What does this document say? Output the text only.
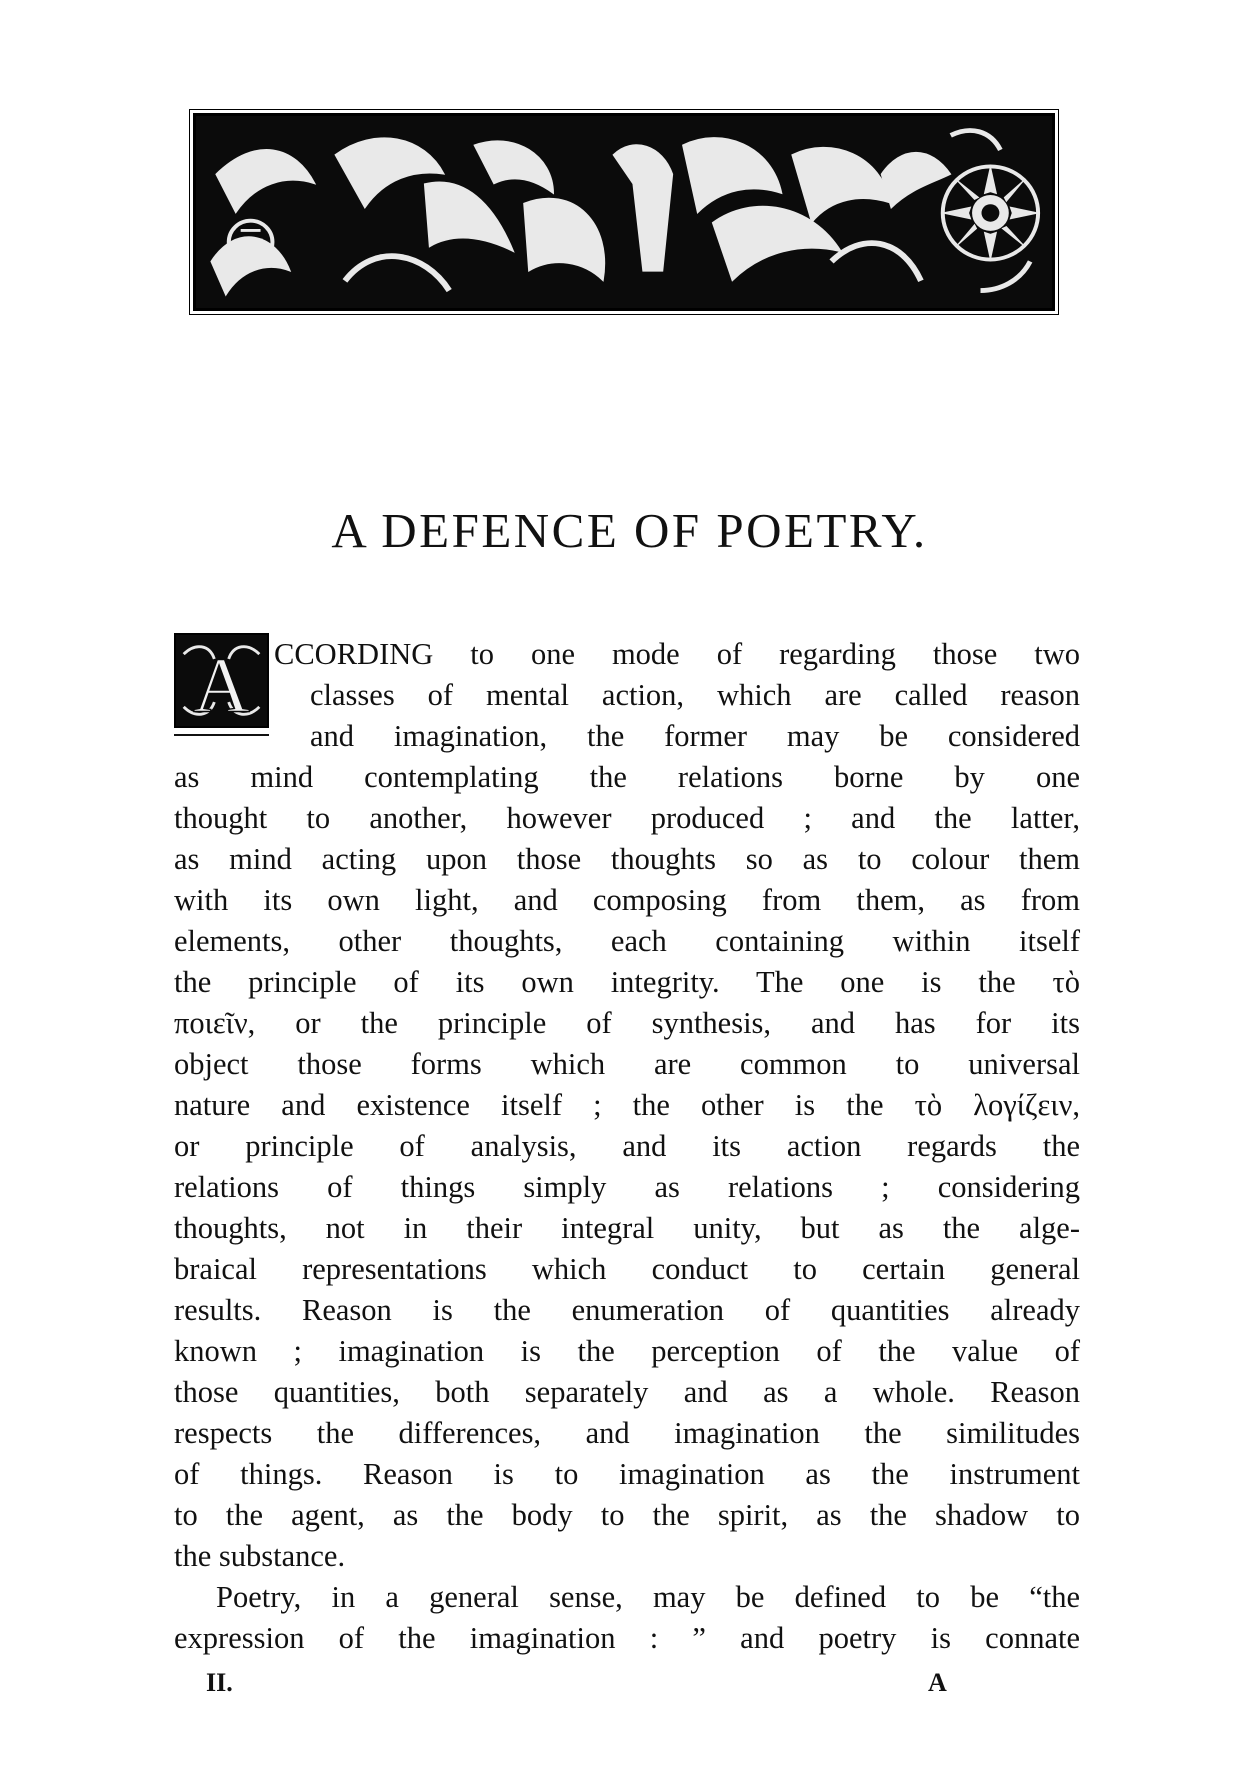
A DEFENCE OF POETRY.
A CCORDING to one mode of regarding those two
classes of mental action, which are called reason
and imagination, the former may be considered
as mind contemplating the relations borne by one
thought to another, however produced ; and the latter,
as mind acting upon those thoughts so as to colour them
with its own light, and composing from them, as from
elements, other thoughts, each containing within itself
the principle of its own integrity. The one is the τὸ
ποιεῖν, or the principle of synthesis, and has for its
object those forms which are common to universal
nature and existence itself ; the other is the τὸ λογίζειν,
or principle of analysis, and its action regards the
relations of things simply as relations ; considering
thoughts, not in their integral unity, but as the alge-
braical representations which conduct to certain general
results. Reason is the enumeration of quantities already
known ; imagination is the perception of the value of
those quantities, both separately and as a whole. Reason
respects the differences, and imagination the similitudes
of things. Reason is to imagination as the instrument
to the agent, as the body to the spirit, as the shadow to
the substance.
Poetry, in a general sense, may be defined to be “the
expression of the imagination : ” and poetry is connate
II.	A
